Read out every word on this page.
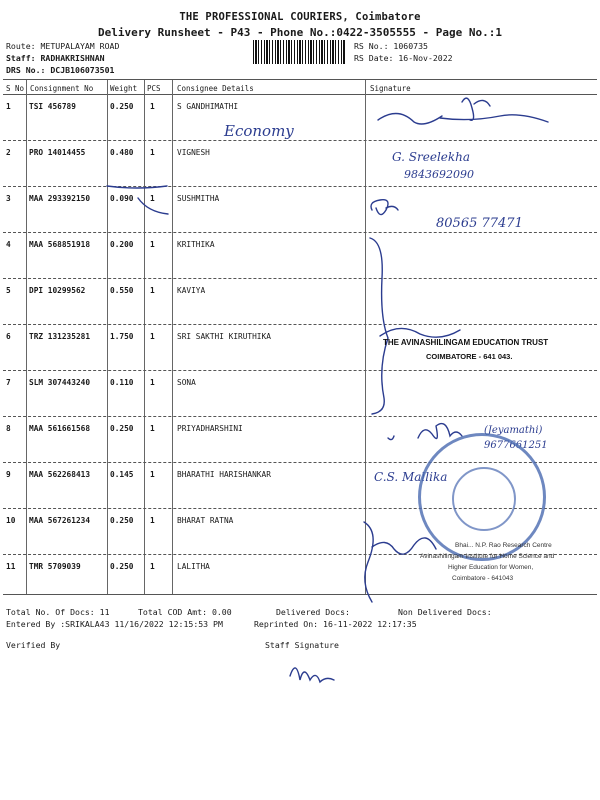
THE PROFESSIONAL COURIERS, Coimbatore
Delivery Runsheet - P43 - Phone No.:0422-3505555 - Page No.:1
Route: METUPALAYAM ROAD
Staff: RADHAKRISHNAN
DRS No.: DCJB106073501
RS No.: 1060735
RS Date: 16-Nov-2022
S No Consignment No Weight PCS Consignee Details	Signature
1 TSI 456789	0.250 1	S GANDHIMATHI
2 PRO 14014455	0.480 1	VIGNESH
3 MAA 293392150	0.090 1	SUSHMITHA
4 MAA 568851918	0.200 1	KRITHIKA
5 DPI 10299562	0.550 1	KAVIYA
6 TRZ 131235281	1.750 1	SRI SAKTHI KIRUTHIKA
7 SLM 307443240	0.110 1	SONA
8 MAA 561661568	0.250 1	PRIYADHARSHINI
9 MAA 562268413	0.145 1	BHARATHI HARISHANKAR
10 MAA 567261234	0.250 1	BHARAT RATNA
11 TMR 5709039	0.250 1	LALITHA
Economy
G. Sreelekha
9843692090
80565 77471
(Jeyamathi)
9677661251
C.S. Mallika
THE AVINASHILINGAM EDUCATION TRUST
COIMBATORE - 641 043.
Bhai... N.P. Rao Research Centre
Avinashilingam Institute for Home Science and
Higher Education for Women,
Coimbatore - 641043
Total No. Of Docs: 11	Total COD Amt: 0.00	Delivered Docs:	Non Delivered Docs:
Entered By :SRIKALA43 11/16/2022 12:15:53 PM	Reprinted On: 16-11-2022 12:17:35
Verified By	Staff Signature
